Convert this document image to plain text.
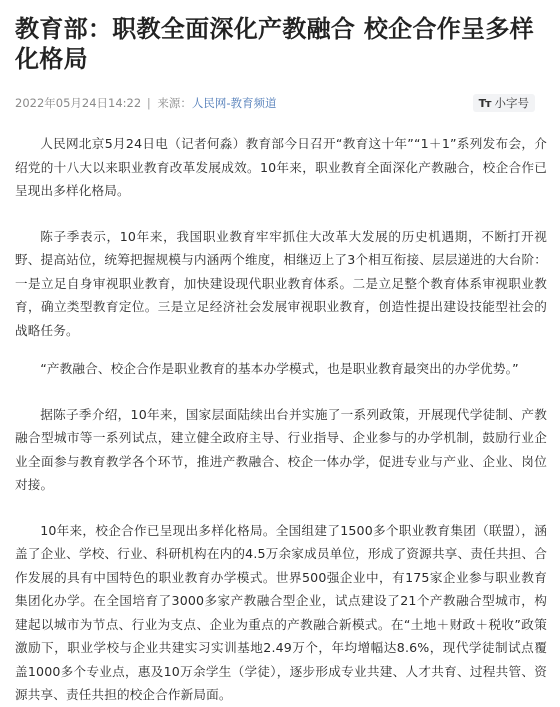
教育部：职教全面深化产教融合 校企合作呈多样化格局
2022年05月24日14:22 | 来源：人民网-教育频道	Tт 小字号

人民网北京5月24日电（记者何淼）教育部今日召开“教育这十年”“1＋1”系列发布会，介绍党的十八大以来职业教育改革发展成效。10年来，职业教育全面深化产教融合，校企合作已呈现出多样化格局。

陈子季表示，10年来，我国职业教育牢牢抓住大改革大发展的历史机遇期，不断打开视野、提高站位，统筹把握规模与内涵两个维度，相继迈上了3个相互衔接、层层递进的大台阶：一是立足自身审视职业教育，加快建设现代职业教育体系。二是立足整个教育体系审视职业教育，确立类型教育定位。三是立足经济社会发展审视职业教育，创造性提出建设技能型社会的战略任务。

“产教融合、校企合作是职业教育的基本办学模式，也是职业教育最突出的办学优势。”

据陈子季介绍，10年来，国家层面陆续出台并实施了一系列政策，开展现代学徒制、产教融合型城市等一系列试点，建立健全政府主导、行业指导、企业参与的办学机制，鼓励行业企业全面参与教育教学各个环节，推进产教融合、校企一体办学，促进专业与产业、企业、岗位对接。

10年来，校企合作已呈现出多样化格局。全国组建了1500多个职业教育集团（联盟），涵盖了企业、学校、行业、科研机构在内的4.5万余家成员单位，形成了资源共享、责任共担、合作发展的具有中国特色的职业教育办学模式。世界500强企业中，有175家企业参与职业教育集团化办学。在全国培育了3000多家产教融合型企业，试点建设了21个产教融合型城市，构建起以城市为节点、行业为支点、企业为重点的产教融合新模式。在“土地＋财政＋税收”政策激励下，职业学校与企业共建实习实训基地2.49万个，年均增幅达8.6%，现代学徒制试点覆盖1000多个专业点，惠及10万余学生（学徒），逐步形成专业共建、人才共育、过程共管、资源共享、责任共担的校企合作新局面。
